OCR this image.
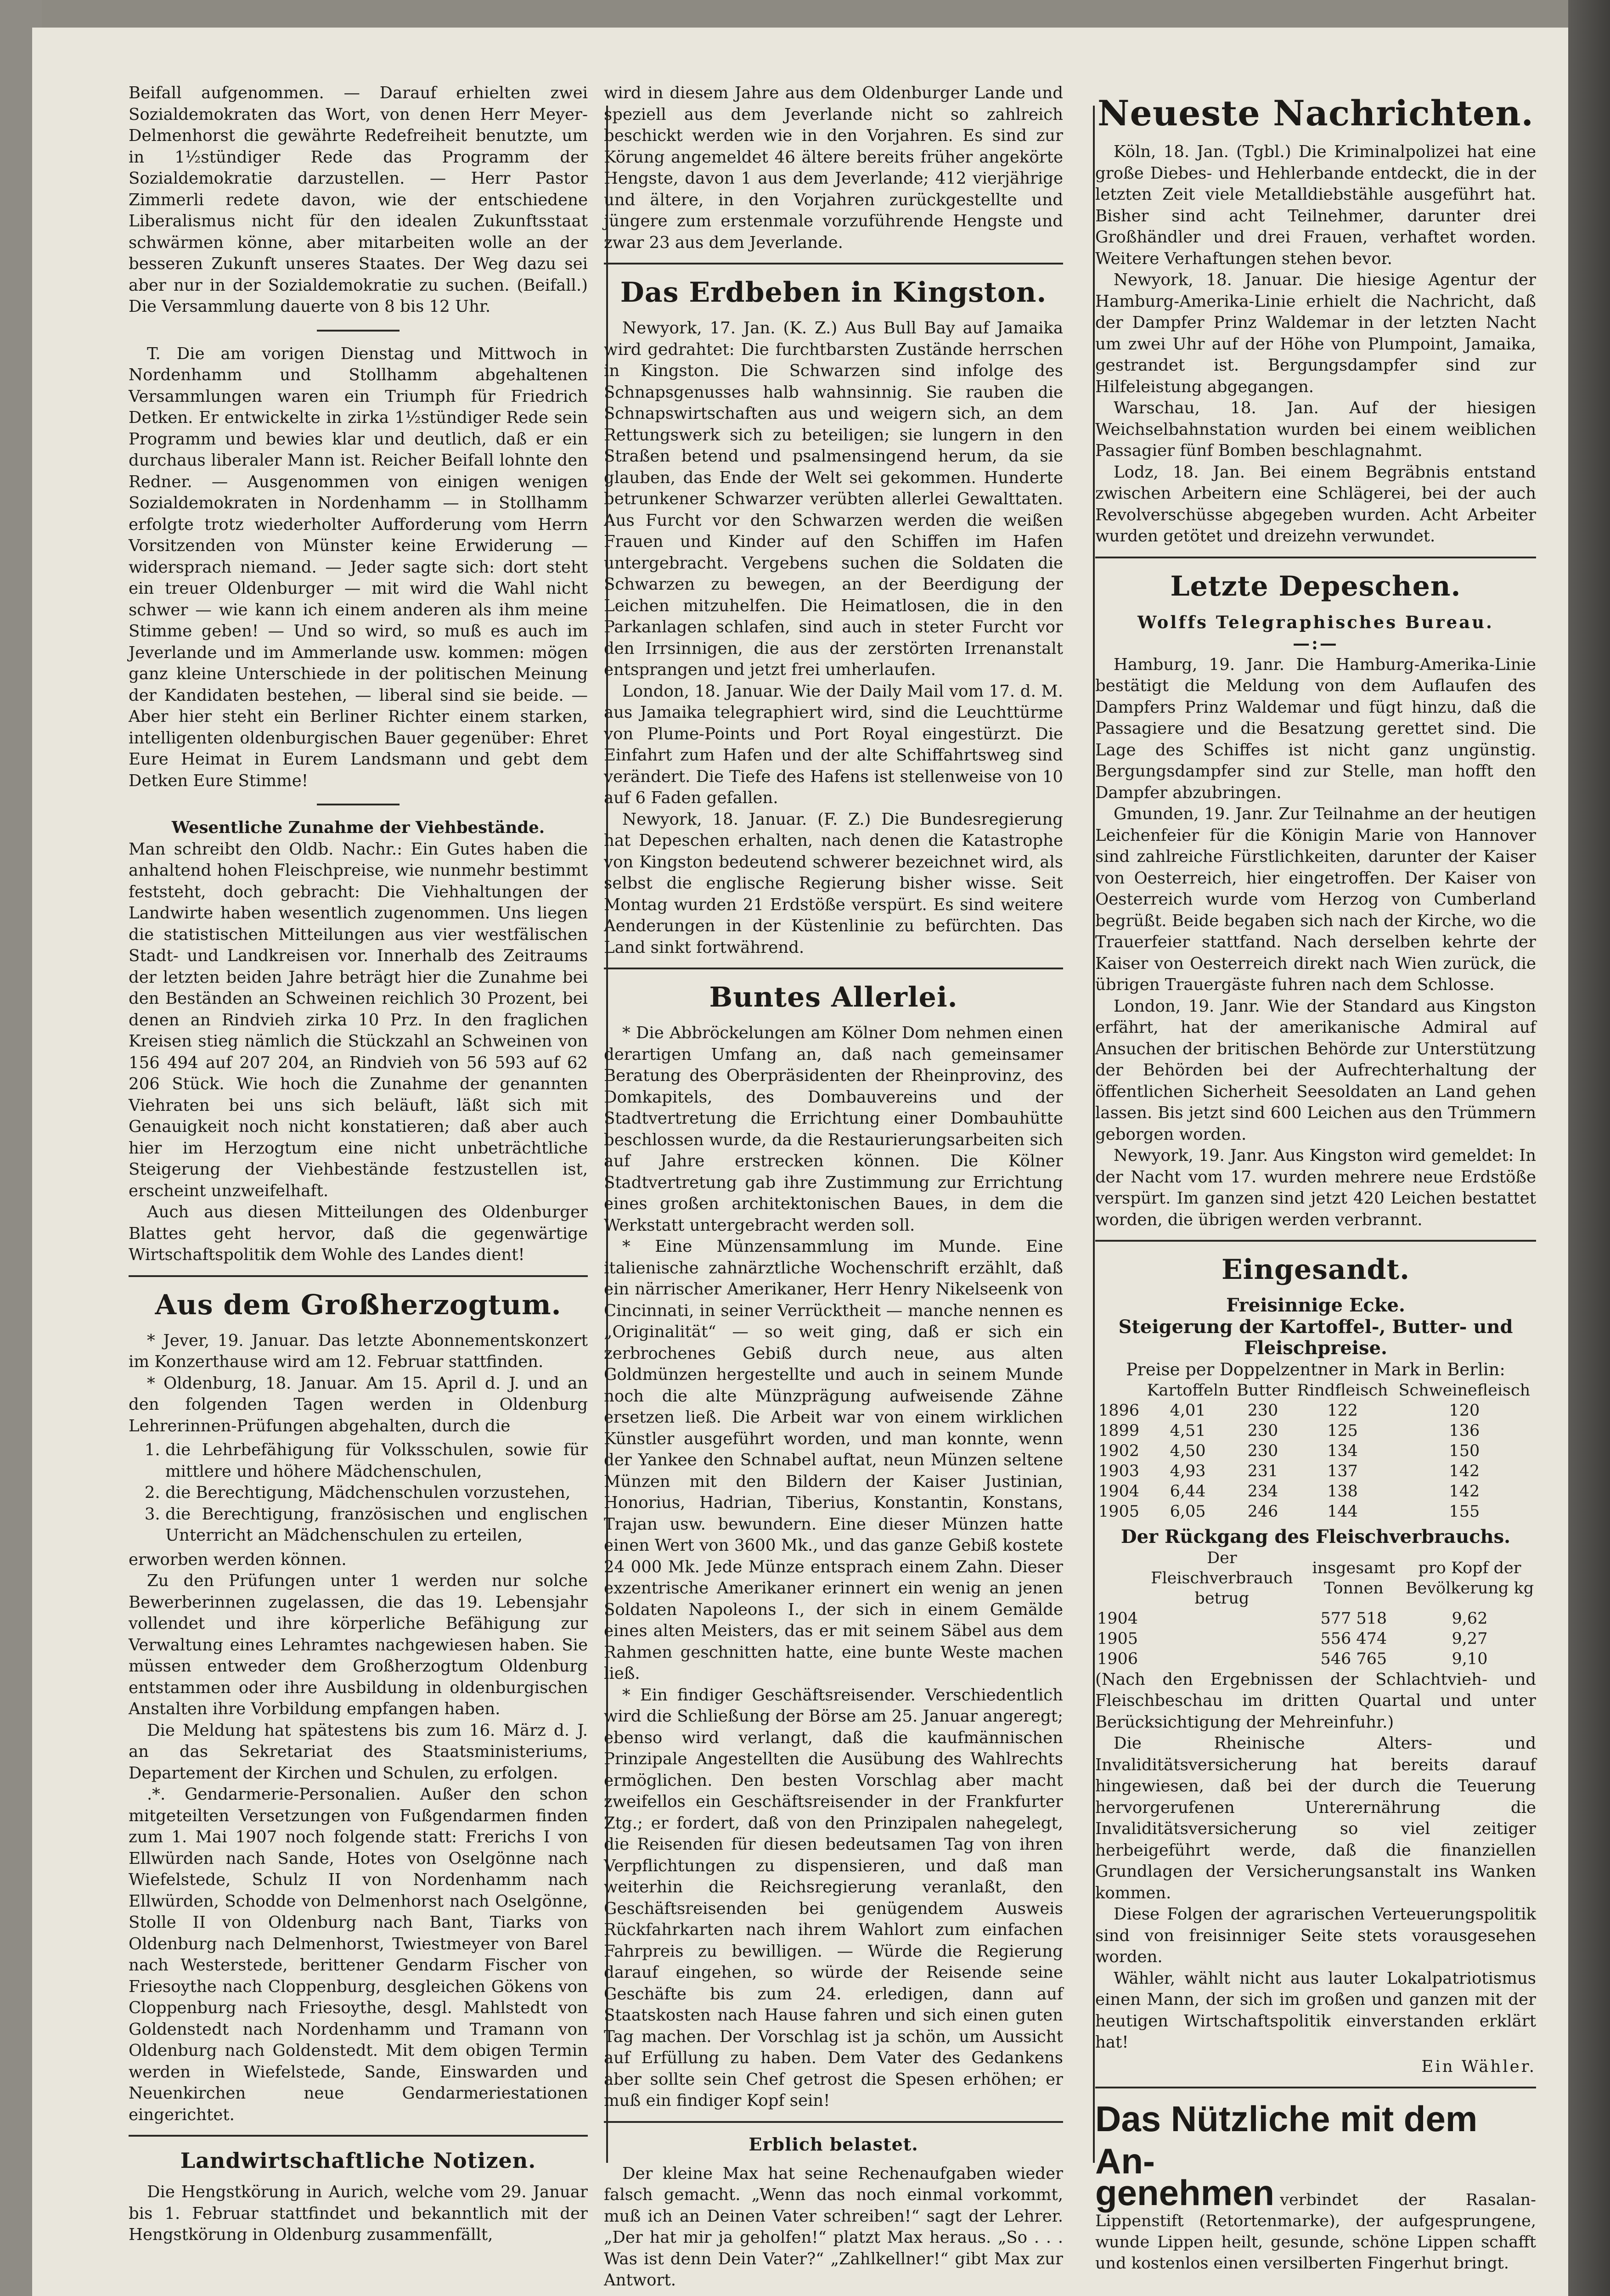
Beifall aufgenommen. — Darauf erhielten zwei Sozialdemokraten das Wort, von denen Herr Meyer-Delmenhorst die gewährte Redefreiheit benutzte, um in 1½stündiger Rede das Programm der Sozialdemokratie darzustellen. — Herr Pastor Zimmerli redete davon, wie der entschiedene Liberalismus nicht für den idealen Zukunftsstaat schwärmen könne, aber mitarbeiten wolle an der besseren Zukunft unseres Staates. Der Weg dazu sei aber nur in der Sozialdemokratie zu suchen. (Beifall.) Die Versammlung dauerte von 8 bis 12 Uhr.

T. Die am vorigen Dienstag und Mittwoch in Nordenhamm und Stollhamm abgehaltenen Versammlungen waren ein Triumph für Friedrich Detken. Er entwickelte in zirka 1½stündiger Rede sein Programm und bewies klar und deutlich, daß er ein durchaus liberaler Mann ist. Reicher Beifall lohnte den Redner. — Ausgenommen von einigen wenigen Sozialdemokraten in Nordenhamm — in Stollhamm erfolgte trotz wiederholter Aufforderung vom Herrn Vorsitzenden von Münster keine Erwiderung — widersprach niemand. — Jeder sagte sich: dort steht ein treuer Oldenburger — mit wird die Wahl nicht schwer — wie kann ich einem anderen als ihm meine Stimme geben! — Und so wird, so muß es auch im Jeverlande und im Ammerlande usw. kommen: mögen ganz kleine Unterschiede in der politischen Meinung der Kandidaten bestehen, — liberal sind sie beide. — Aber hier steht ein Berliner Richter einem starken, intelligenten oldenburgischen Bauer gegenüber: Ehret Eure Heimat in Eurem Landsmann und gebt dem Detken Eure Stimme!

Wesentliche Zunahme der Viehbestände.

Man schreibt den Oldb. Nachr.: Ein Gutes haben die anhaltend hohen Fleischpreise, wie nunmehr bestimmt feststeht, doch gebracht: Die Viehhaltungen der Landwirte haben wesentlich zugenommen. Uns liegen die statistischen Mitteilungen aus vier westfälischen Stadt- und Landkreisen vor. Innerhalb des Zeitraums der letzten beiden Jahre beträgt hier die Zunahme bei den Beständen an Schweinen reichlich 30 Prozent, bei denen an Rindvieh zirka 10 Prz. In den fraglichen Kreisen stieg nämlich die Stückzahl an Schweinen von 156 494 auf 207 204, an Rindvieh von 56 593 auf 62 206 Stück. Wie hoch die Zunahme der genannten Viehraten bei uns sich beläuft, läßt sich mit Genauigkeit noch nicht konstatieren; daß aber auch hier im Herzogtum eine nicht unbeträchtliche Steigerung der Viehbestände festzustellen ist, erscheint unzweifelhaft.

Auch aus diesen Mitteilungen des Oldenburger Blattes geht hervor, daß die gegenwärtige Wirtschaftspolitik dem Wohle des Landes dient!

Aus dem Großherzogtum.

* Jever, 19. Januar. Das letzte Abonnementskonzert im Konzerthause wird am 12. Februar stattfinden.

* Oldenburg, 18. Januar. Am 15. April d. J. und an den folgenden Tagen werden in Oldenburg Lehrerinnen-Prüfungen abgehalten, durch die

1. die Lehrbefähigung für Volksschulen, sowie für mittlere und höhere Mädchenschulen,
2. die Berechtigung, Mädchenschulen vorzustehen,
3. die Berechtigung, französischen und englischen Unterricht an Mädchenschulen zu erteilen,

erworben werden können.

Zu den Prüfungen unter 1 werden nur solche Bewerberinnen zugelassen, die das 19. Lebensjahr vollendet und ihre körperliche Befähigung zur Verwaltung eines Lehramtes nachgewiesen haben. Sie müssen entweder dem Großherzogtum Oldenburg entstammen oder ihre Ausbildung in oldenburgischen Anstalten ihre Vorbildung empfangen haben.

Die Meldung hat spätestens bis zum 16. März d. J. an das Sekretariat des Staatsministeriums, Departement der Kirchen und Schulen, zu erfolgen.

.*. Gendarmerie-Personalien. Außer den schon mitgeteilten Versetzungen von Fußgendarmen finden zum 1. Mai 1907 noch folgende statt: Frerichs I von Ellwürden nach Sande, Hotes von Oselgönne nach Wiefelstede, Schulz II von Nordenhamm nach Ellwürden, Schodde von Delmenhorst nach Oselgönne, Stolle II von Oldenburg nach Bant, Tiarks von Oldenburg nach Delmenhorst, Twiestmeyer von Barel nach Westerstede, berittener Gendarm Fischer von Friesoythe nach Cloppenburg, desgleichen Gökens von Cloppenburg nach Friesoythe, desgl. Mahlstedt von Goldenstedt nach Nordenhamm und Tramann von Oldenburg nach Goldenstedt. Mit dem obigen Termin werden in Wiefelstede, Sande, Einswarden und Neuenkirchen neue Gendarmeriestationen eingerichtet.

Landwirtschaftliche Notizen.

Die Hengstkörung in Aurich, welche vom 29. Januar bis 1. Februar stattfindet und bekanntlich mit der Hengstkörung in Oldenburg zusammenfällt,

wird in diesem Jahre aus dem Oldenburger Lande und speziell aus dem Jeverlande nicht so zahlreich beschickt werden wie in den Vorjahren. Es sind zur Körung angemeldet 46 ältere bereits früher angekörte Hengste, davon 1 aus dem Jeverlande; 412 vierjährige und ältere, in den Vorjahren zurückgestellte und jüngere zum erstenmale vorzuführende Hengste und zwar 23 aus dem Jeverlande.

Das Erdbeben in Kingston.

Newyork, 17. Jan. (K. Z.) Aus Bull Bay auf Jamaika wird gedrahtet: Die furchtbarsten Zustände herrschen in Kingston. Die Schwarzen sind infolge des Schnapsgenusses halb wahnsinnig. Sie rauben die Schnapswirtschaften aus und weigern sich, an dem Rettungswerk sich zu beteiligen; sie lungern in den Straßen betend und psalmensingend herum, da sie glauben, das Ende der Welt sei gekommen. Hunderte betrunkener Schwarzer verübten allerlei Gewalttaten. Aus Furcht vor den Schwarzen werden die weißen Frauen und Kinder auf den Schiffen im Hafen untergebracht. Vergebens suchen die Soldaten die Schwarzen zu bewegen, an der Beerdigung der Leichen mitzuhelfen. Die Heimatlosen, die in den Parkanlagen schlafen, sind auch in steter Furcht vor den Irrsinnigen, die aus der zerstörten Irrenanstalt entsprangen und jetzt frei umherlaufen.

London, 18. Januar. Wie der Daily Mail vom 17. d. M. aus Jamaika telegraphiert wird, sind die Leuchttürme von Plume-Points und Port Royal eingestürzt. Die Einfahrt zum Hafen und der alte Schiffahrtsweg sind verändert. Die Tiefe des Hafens ist stellenweise von 10 auf 6 Faden gefallen.

Newyork, 18. Januar. (F. Z.) Die Bundesregierung hat Depeschen erhalten, nach denen die Katastrophe von Kingston bedeutend schwerer bezeichnet wird, als selbst die englische Regierung bisher wisse. Seit Montag wurden 21 Erdstöße verspürt. Es sind weitere Aenderungen in der Küstenlinie zu befürchten. Das Land sinkt fortwährend.

Buntes Allerlei.

* Die Abbröckelungen am Kölner Dom nehmen einen derartigen Umfang an, daß nach gemeinsamer Beratung des Oberpräsidenten der Rheinprovinz, des Domkapitels, des Dombauvereins und der Stadtvertretung die Errichtung einer Dombauhütte beschlossen wurde, da die Restaurierungsarbeiten sich auf Jahre erstrecken können. Die Kölner Stadtvertretung gab ihre Zustimmung zur Errichtung eines großen architektonischen Baues, in dem die Werkstatt untergebracht werden soll.

* Eine Münzensammlung im Munde. Eine italienische zahnärztliche Wochenschrift erzählt, daß ein närrischer Amerikaner, Herr Henry Nikelseenk von Cincinnati, in seiner Verrücktheit — manche nennen es „Originalität“ — so weit ging, daß er sich ein zerbrochenes Gebiß durch neue, aus alten Goldmünzen hergestellte und auch in seinem Munde noch die alte Münzprägung aufweisende Zähne ersetzen ließ. Die Arbeit war von einem wirklichen Künstler ausgeführt worden, und man konnte, wenn der Yankee den Schnabel auftat, neun Münzen seltene Münzen mit den Bildern der Kaiser Justinian, Honorius, Hadrian, Tiberius, Konstantin, Konstans, Trajan usw. bewundern. Eine dieser Münzen hatte einen Wert von 3600 Mk., und das ganze Gebiß kostete 24 000 Mk. Jede Münze entsprach einem Zahn. Dieser exzentrische Amerikaner erinnert ein wenig an jenen Soldaten Napoleons I., der sich in einem Gemälde eines alten Meisters, das er mit seinem Säbel aus dem Rahmen geschnitten hatte, eine bunte Weste machen ließ.

* Ein findiger Geschäftsreisender. Verschiedentlich wird die Schließung der Börse am 25. Januar angeregt; ebenso wird verlangt, daß die kaufmännischen Prinzipale Angestellten die Ausübung des Wahlrechts ermöglichen. Den besten Vorschlag aber macht zweifellos ein Geschäftsreisender in der Frankfurter Ztg.; er fordert, daß von den Prinzipalen nahegelegt, die Reisenden für diesen bedeutsamen Tag von ihren Verpflichtungen zu dispensieren, und daß man weiterhin die Reichsregierung veranlaßt, den Geschäftsreisenden bei genügendem Ausweis Rückfahrkarten nach ihrem Wahlort zum einfachen Fahrpreis zu bewilligen. — Würde die Regierung darauf eingehen, so würde der Reisende seine Geschäfte bis zum 24. erledigen, dann auf Staatskosten nach Hause fahren und sich einen guten Tag machen. Der Vorschlag ist ja schön, um Aussicht auf Erfüllung zu haben. Dem Vater des Gedankens aber sollte sein Chef getrost die Spesen erhöhen; er muß ein findiger Kopf sein!

Erblich belastet.

Der kleine Max hat seine Rechenaufgaben wieder falsch gemacht. „Wenn das noch einmal vorkommt, muß ich an Deinen Vater schreiben!“ sagt der Lehrer. „Der hat mir ja geholfen!“ platzt Max heraus. „So . . . Was ist denn Dein Vater?“ „Zahlkellner!“ gibt Max zur Antwort.

Neueste Nachrichten.

Köln, 18. Jan. (Tgbl.) Die Kriminalpolizei hat eine große Diebes- und Hehlerbande entdeckt, die in der letzten Zeit viele Metalldiebstähle ausgeführt hat. Bisher sind acht Teilnehmer, darunter drei Großhändler und drei Frauen, verhaftet worden. Weitere Verhaftungen stehen bevor.

Newyork, 18. Januar. Die hiesige Agentur der Hamburg-Amerika-Linie erhielt die Nachricht, daß der Dampfer Prinz Waldemar in der letzten Nacht um zwei Uhr auf der Höhe von Plumpoint, Jamaika, gestrandet ist. Bergungsdampfer sind zur Hilfeleistung abgegangen.

Warschau, 18. Jan. Auf der hiesigen Weichselbahnstation wurden bei einem weiblichen Passagier fünf Bomben beschlagnahmt.

Lodz, 18. Jan. Bei einem Begräbnis entstand zwischen Arbeitern eine Schlägerei, bei der auch Revolverschüsse abgegeben wurden. Acht Arbeiter wurden getötet und dreizehn verwundet.

Letzte Depeschen.
Wolffs Telegraphisches Bureau.
—:—

Hamburg, 19. Janr. Die Hamburg-Amerika-Linie bestätigt die Meldung von dem Auflaufen des Dampfers Prinz Waldemar und fügt hinzu, daß die Passagiere und die Besatzung gerettet sind. Die Lage des Schiffes ist nicht ganz ungünstig. Bergungsdampfer sind zur Stelle, man hofft den Dampfer abzubringen.

Gmunden, 19. Janr. Zur Teilnahme an der heutigen Leichenfeier für die Königin Marie von Hannover sind zahlreiche Fürstlichkeiten, darunter der Kaiser von Oesterreich, hier eingetroffen. Der Kaiser von Oesterreich wurde vom Herzog von Cumberland begrüßt. Beide begaben sich nach der Kirche, wo die Trauerfeier stattfand. Nach derselben kehrte der Kaiser von Oesterreich direkt nach Wien zurück, die übrigen Trauergäste fuhren nach dem Schlosse.

London, 19. Janr. Wie der Standard aus Kingston erfährt, hat der amerikanische Admiral auf Ansuchen der britischen Behörde zur Unterstützung der Behörden bei der Aufrechterhaltung der öffentlichen Sicherheit Seesoldaten an Land gehen lassen. Bis jetzt sind 600 Leichen aus den Trümmern geborgen worden.

Newyork, 19. Janr. Aus Kingston wird gemeldet: In der Nacht vom 17. wurden mehrere neue Erdstöße verspürt. Im ganzen sind jetzt 420 Leichen bestattet worden, die übrigen werden verbrannt.

Eingesandt.
Freisinnige Ecke.
Steigerung der Kartoffel-, Butter- und Fleischpreise.
Preise per Doppelzentner in Mark in Berlin:
	Kartoffeln	Butter	Rindfleisch	Schweinefleisch
1896	4,01	230	122	120
1899	4,51	230	125	136
1902	4,50	230	134	150
1903	4,93	231	137	142
1904	6,44	234	138	142
1905	6,05	246	144	155
Der Rückgang des Fleischverbrauchs.
	Der Fleischverbrauch betrug	insgesamt Tonnen	pro Kopf der Bevölkerung kg
1904		577 518	9,62
1905		556 474	9,27
1906		546 765	9,10

(Nach den Ergebnissen der Schlachtvieh- und Fleischbeschau im dritten Quartal und unter Berücksichtigung der Mehreinfuhr.)

Die Rheinische Alters- und Invaliditätsversicherung hat bereits darauf hingewiesen, daß bei der durch die Teuerung hervorgerufenen Unterernährung die Invaliditätsversicherung so viel zeitiger herbeigeführt werde, daß die finanziellen Grundlagen der Versicherungsanstalt ins Wanken kommen.

Diese Folgen der agrarischen Verteuerungspolitik sind von freisinniger Seite stets vorausgesehen worden.

Wähler, wählt nicht aus lauter Lokalpatriotismus einen Mann, der sich im großen und ganzen mit der heutigen Wirtschaftspolitik einverstanden erklärt hat!

Ein Wähler.
Das Nützliche mit dem An-

genehmen verbindet der Rasalan-Lippenstift (Retortenmarke), der aufgesprungene, wunde Lippen heilt, gesunde, schöne Lippen schafft und kostenlos einen versilberten Fingerhut bringt.
